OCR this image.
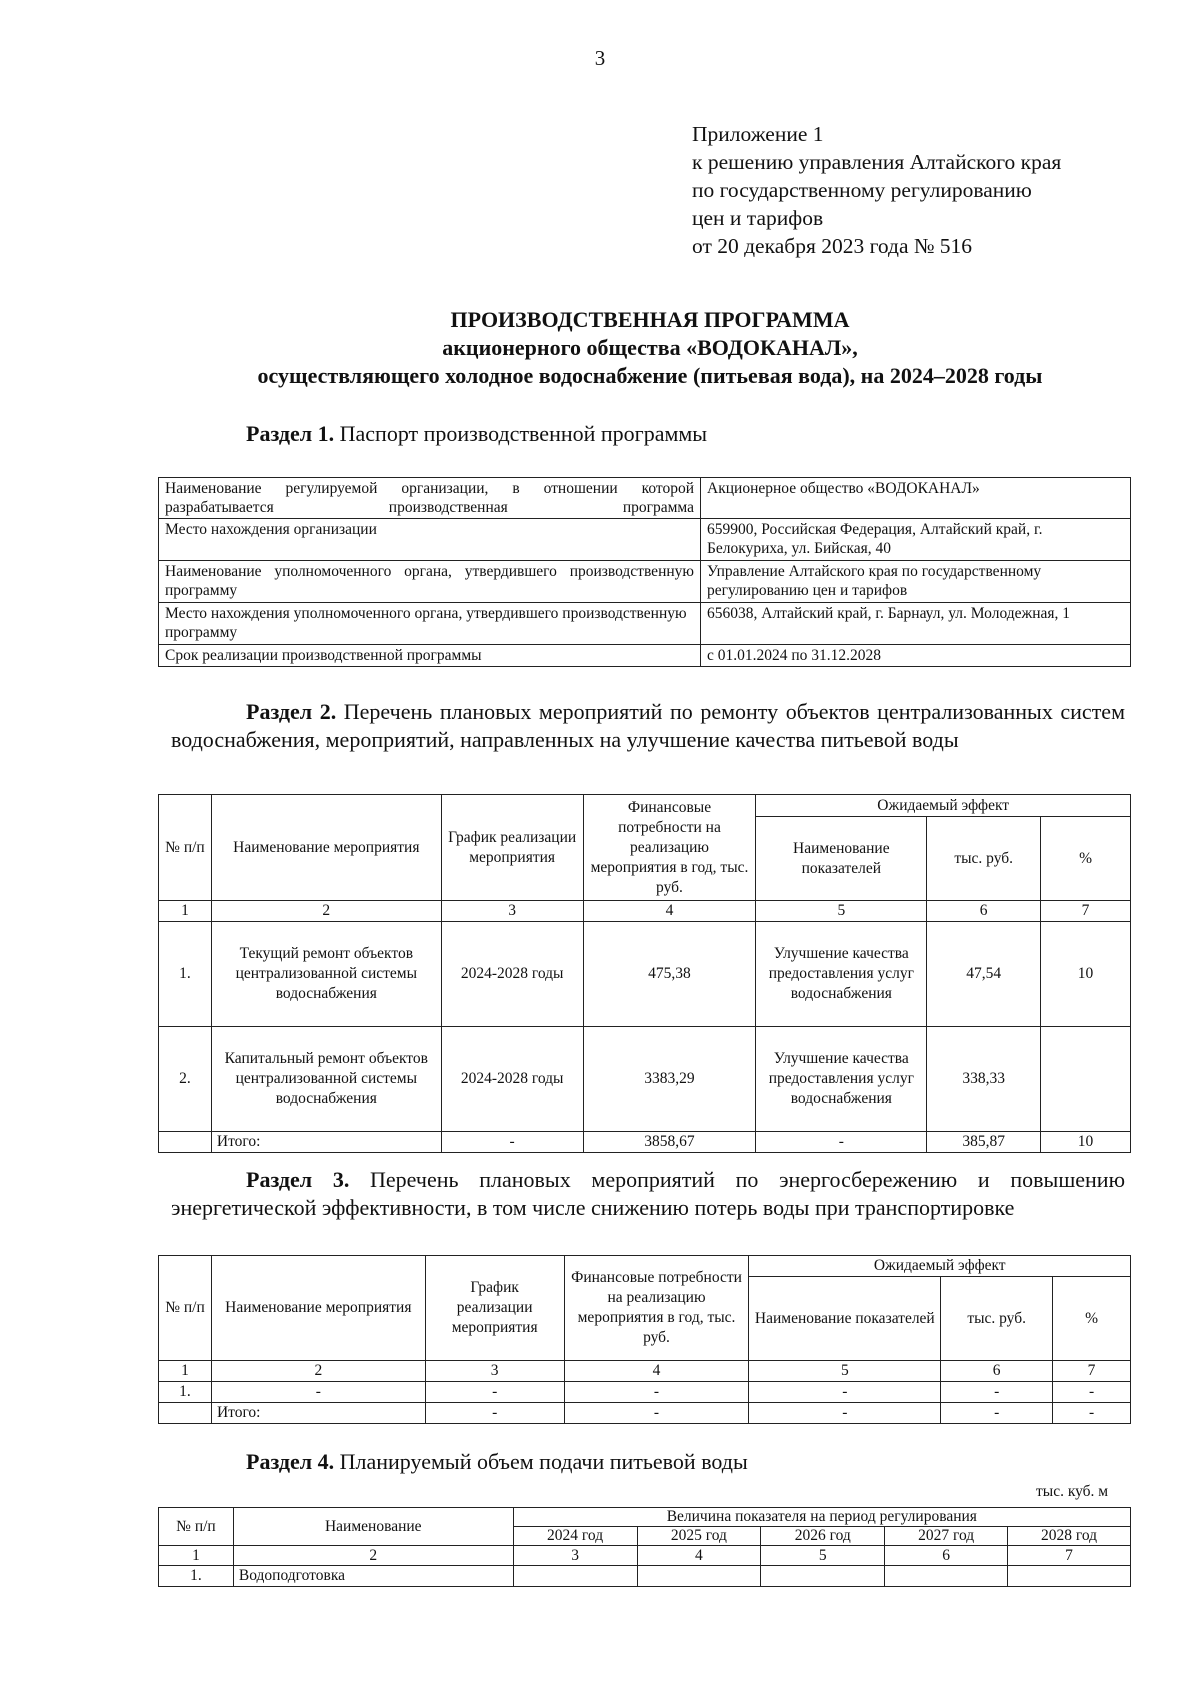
3
Приложение 1
к решению управления Алтайского края
по государственному регулированию
цен и тарифов
от 20 декабря 2023 года № 516
ПРОИЗВОДСТВЕННАЯ ПРОГРАММА
акционерного общества «ВОДОКАНАЛ»,
осуществляющего холодное водоснабжение (питьевая вода), на 2024–2028 годы
Раздел 1. Паспорт производственной программы
Наименование регулируемой организации, в отношении которой разрабатывается производственная программа	Акционерное общество «ВОДОКАНАЛ»
Место нахождения организации	659900, Российская Федерация, Алтайский край, г. Белокуриха, ул. Бийская, 40
Наименование уполномоченного органа, утвердившего производственную программу	Управление Алтайского края по государственному регулированию цен и тарифов
Место нахождения уполномоченного органа, утвердившего производственную программу	656038, Алтайский край, г. Барнаул, ул. Молодежная, 1
Срок реализации производственной программы	с 01.01.2024 по 31.12.2028
Раздел 2. Перечень плановых мероприятий по ремонту объектов централизованных систем водоснабжения, мероприятий, направленных на улучшение качества питьевой воды
№ п/п	Наименование мероприятия	График реализации мероприятия	Финансовые потребности на реализацию мероприятия в год, тыс. руб.	Ожидаемый эффект		
				Наименование показателей	тыс. руб.	%
1	2	3	4	5	6	7
1.	Текущий ремонт объектов централизованной системы водоснабжения	2024-2028 годы	475,38	Улучшение качества предоставления услуг водоснабжения	47,54	10
2.	Капитальный ремонт объектов централизованной системы водоснабжения	2024-2028 годы	3383,29	Улучшение качества предоставления услуг водоснабжения	338,33	
	Итого:	-	3858,67	-	385,87	10
Раздел 3. Перечень плановых мероприятий по энергосбережению и повышению энергетической эффективности, в том числе снижению потерь воды при транспортировке
№ п/п	Наименование мероприятия	График реализации мероприятия	Финансовые потребности на реализацию мероприятия в год, тыс. руб.	Ожидаемый эффект		
				Наименование показателей	тыс. руб.	%
1	2	3	4	5	6	7
1.	-	-	-	-	-	-
	Итого:	-	-	-	-	-
Раздел 4. Планируемый объем подачи питьевой воды
тыс. куб. м
№ п/п	Наименование	Величина показателя на период регулирования				
		2024 год	2025 год	2026 год	2027 год	2028 год
1	2	3	4	5	6	7
1.	Водоподготовка					
